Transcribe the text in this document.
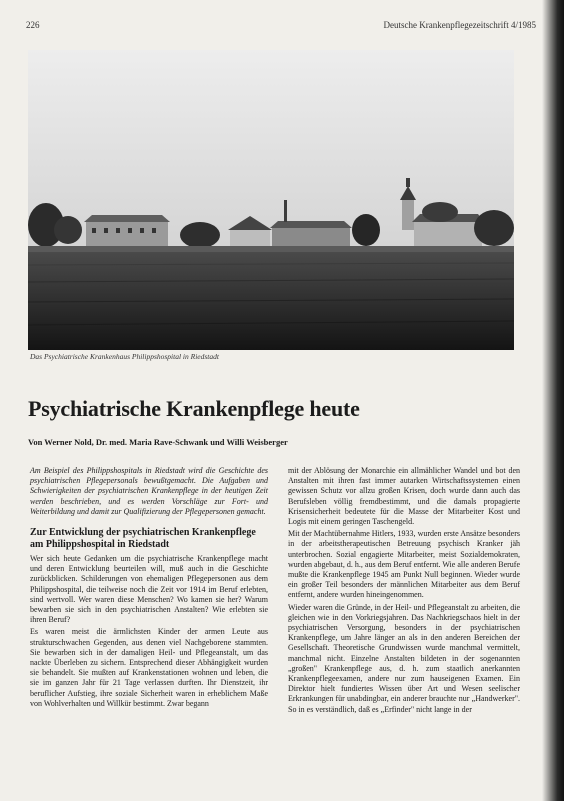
226	Deutsche Krankenpflegezeitschrift 4/1985
Das Psychiatrische Krankenhaus Philippshospital in Riedstadt
Psychiatrische Krankenpflege heute
Von Werner Nold, Dr. med. Maria Rave-Schwank und Willi Weisberger

Am Beispiel des Philippshospitals in Riedstadt wird die Geschichte des psychiatrischen Pflegepersonals bewußtgemacht. Die Aufgaben und Schwierigkeiten der psychiatrischen Krankenpflege in der heutigen Zeit werden beschrieben, und es werden Vorschläge zur Fort- und Weiterbildung und damit zur Qualifizierung der Pflegepersonen gemacht.

Zur Entwicklung der psychiatrischen Krankenpflege am Philippshospital in Riedstadt

Wer sich heute Gedanken um die psychiatrische Krankenpflege macht und deren Entwicklung beurteilen will, muß auch in die Geschichte zurückblicken. Schilderungen von ehemaligen Pflegepersonen aus dem Philippshospital, die teilweise noch die Zeit vor 1914 im Beruf erlebten, sind wertvoll. Wer waren diese Menschen? Wo kamen sie her? Warum bewarben sie sich in den psychiatrischen Anstalten? Wie erlebten sie ihren Beruf?

Es waren meist die ärmlichsten Kinder der armen Leute aus strukturschwachen Gegenden, aus denen viel Nachgeborene stammten. Sie bewarben sich in der damaligen Heil- und Pflegeanstalt, um das nackte Überleben zu sichern. Entsprechend dieser Abhängigkeit wurden sie behandelt. Sie mußten auf Krankenstationen wohnen und leben, die sie im ganzen Jahr für 21 Tage verlassen durften. Ihr Dienstzeit, ihr beruflicher Aufstieg, ihre soziale Sicherheit waren in erheblichem Maße von Wohlverhalten und Willkür bestimmt. Zwar begann

mit der Ablösung der Monarchie ein allmählicher Wandel und bot den Anstalten mit ihren fast immer autarken Wirtschaftssystemen einen gewissen Schutz vor allzu großen Krisen, doch wurde dann auch das Berufsleben völlig fremdbestimmt, und die damals propagierte Krisensicherheit bedeutete für die Masse der Mitarbeiter Kost und Logis mit einem geringen Taschengeld.

Mit der Machtübernahme Hitlers, 1933, wurden erste Ansätze besonders in der arbeitstherapeutischen Betreuung psychisch Kranker jäh unterbrochen. Sozial engagierte Mitarbeiter, meist Sozialdemokraten, wurden abgebaut, d. h., aus dem Beruf entfernt. Wie alle anderen Berufe mußte die Krankenpflege 1945 am Punkt Null beginnen. Wieder wurde ein großer Teil besonders der männlichen Mitarbeiter aus dem Beruf entfernt, andere wurden hineingenommen.

Wieder waren die Gründe, in der Heil- und Pflegeanstalt zu arbeiten, die gleichen wie in den Vorkriegsjahren. Das Nachkriegschaos hielt in der psychiatrischen Versorgung, besonders in der psychiatrischen Krankenpflege, um Jahre länger an als in den anderen Bereichen der Gesellschaft. Theoretische Grundwissen wurde manchmal vermittelt, manchmal nicht. Einzelne Anstalten bildeten in der sogenannten „großen" Krankenpflege aus, d. h. zum staatlich anerkannten Krankenpflegeexamen, andere nur zum hauseigenen Examen. Ein Direktor hielt fundiertes Wissen über Art und Wesen seelischer Erkrankungen für unabdingbar, ein anderer brauchte nur „Handwerker". So in es verständlich, daß es „Erfinder" nicht lange in der
